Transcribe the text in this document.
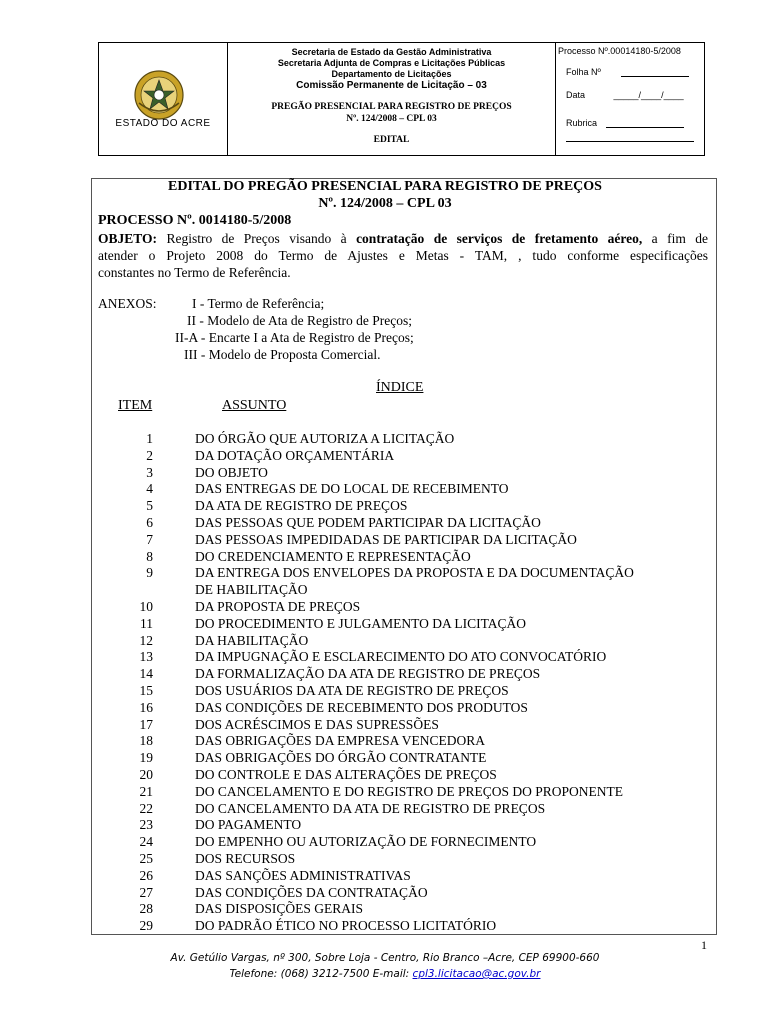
ESTADO DO ACRE
Secretaria de Estado da Gestão Administrativa
Secretaria Adjunta de Compras e Licitações Públicas
Departamento de Licitações
Comissão Permanente de Licitação – 03
PREGÃO PRESENCIAL PARA REGISTRO DE PREÇOS
Nº. 124/2008 – CPL 03
EDITAL
Processo Nº.00014180-5/2008
Folha Nº
Data	_____/____/____
Rubrica
EDITAL DO PREGÃO PRESENCIAL PARA REGISTRO DE PREÇOS
Nº. 124/2008 – CPL 03
PROCESSO Nº. 0014180-5/2008
OBJETO: Registro de Preços visando à contratação de serviços de fretamento aéreo, a fim de
atender o Projeto 2008 do Termo de Ajustes e Metas - TAM, , tudo conforme especificações
constantes no Termo de Referência.
ANEXOS:	I - Termo de Referência;
II - Modelo de Ata de Registro de Preços;
II-A - Encarte I a Ata de Registro de Preços;
III - Modelo de Proposta Comercial.
ÍNDICE
ITEM	ASSUNTO
1	DO ÓRGÃO QUE AUTORIZA A LICITAÇÃO
2	DA DOTAÇÃO ORÇAMENTÁRIA
3	DO OBJETO
4	DAS ENTREGAS DE DO LOCAL DE RECEBIMENTO
5	DA ATA DE REGISTRO DE PREÇOS
6	DAS PESSOAS QUE PODEM PARTICIPAR DA LICITAÇÃO
7	DAS PESSOAS IMPEDIDADAS DE PARTICIPAR DA LICITAÇÃO
8	DO CREDENCIAMENTO E REPRESENTAÇÃO
9	DA ENTREGA DOS ENVELOPES DA PROPOSTA E DA DOCUMENTAÇÃO
DE HABILITAÇÃO
10	DA PROPOSTA DE PREÇOS
11	DO PROCEDIMENTO E JULGAMENTO DA LICITAÇÃO
12	DA HABILITAÇÃO
13	DA IMPUGNAÇÃO E ESCLARECIMENTO DO ATO CONVOCATÓRIO
14	DA FORMALIZAÇÃO DA ATA DE REGISTRO DE PREÇOS
15	DOS USUÁRIOS DA ATA DE REGISTRO DE PREÇOS
16	DAS CONDIÇÕES DE RECEBIMENTO DOS PRODUTOS
17	DOS ACRÉSCIMOS E DAS SUPRESSÕES
18	DAS OBRIGAÇÕES DA EMPRESA VENCEDORA
19	DAS OBRIGAÇÕES DO ÓRGÃO CONTRATANTE
20	DO CONTROLE E DAS ALTERAÇÕES DE PREÇOS
21	DO CANCELAMENTO E DO REGISTRO DE PREÇOS DO PROPONENTE
22	DO CANCELAMENTO DA ATA DE REGISTRO DE PREÇOS
23	DO PAGAMENTO
24	DO EMPENHO OU AUTORIZAÇÃO DE FORNECIMENTO
25	DOS RECURSOS
26	DAS SANÇÕES ADMINISTRATIVAS
27	DAS CONDIÇÕES DA CONTRATAÇÃO
28	DAS DISPOSIÇÕES GERAIS
29	DO PADRÃO ÉTICO NO PROCESSO LICITATÓRIO
1
Av. Getúlio Vargas, nº 300, Sobre Loja - Centro, Rio Branco –Acre, CEP 69900-660
Telefone: (068) 3212-7500 E-mail: cpl3.licitacao@ac.gov.br
